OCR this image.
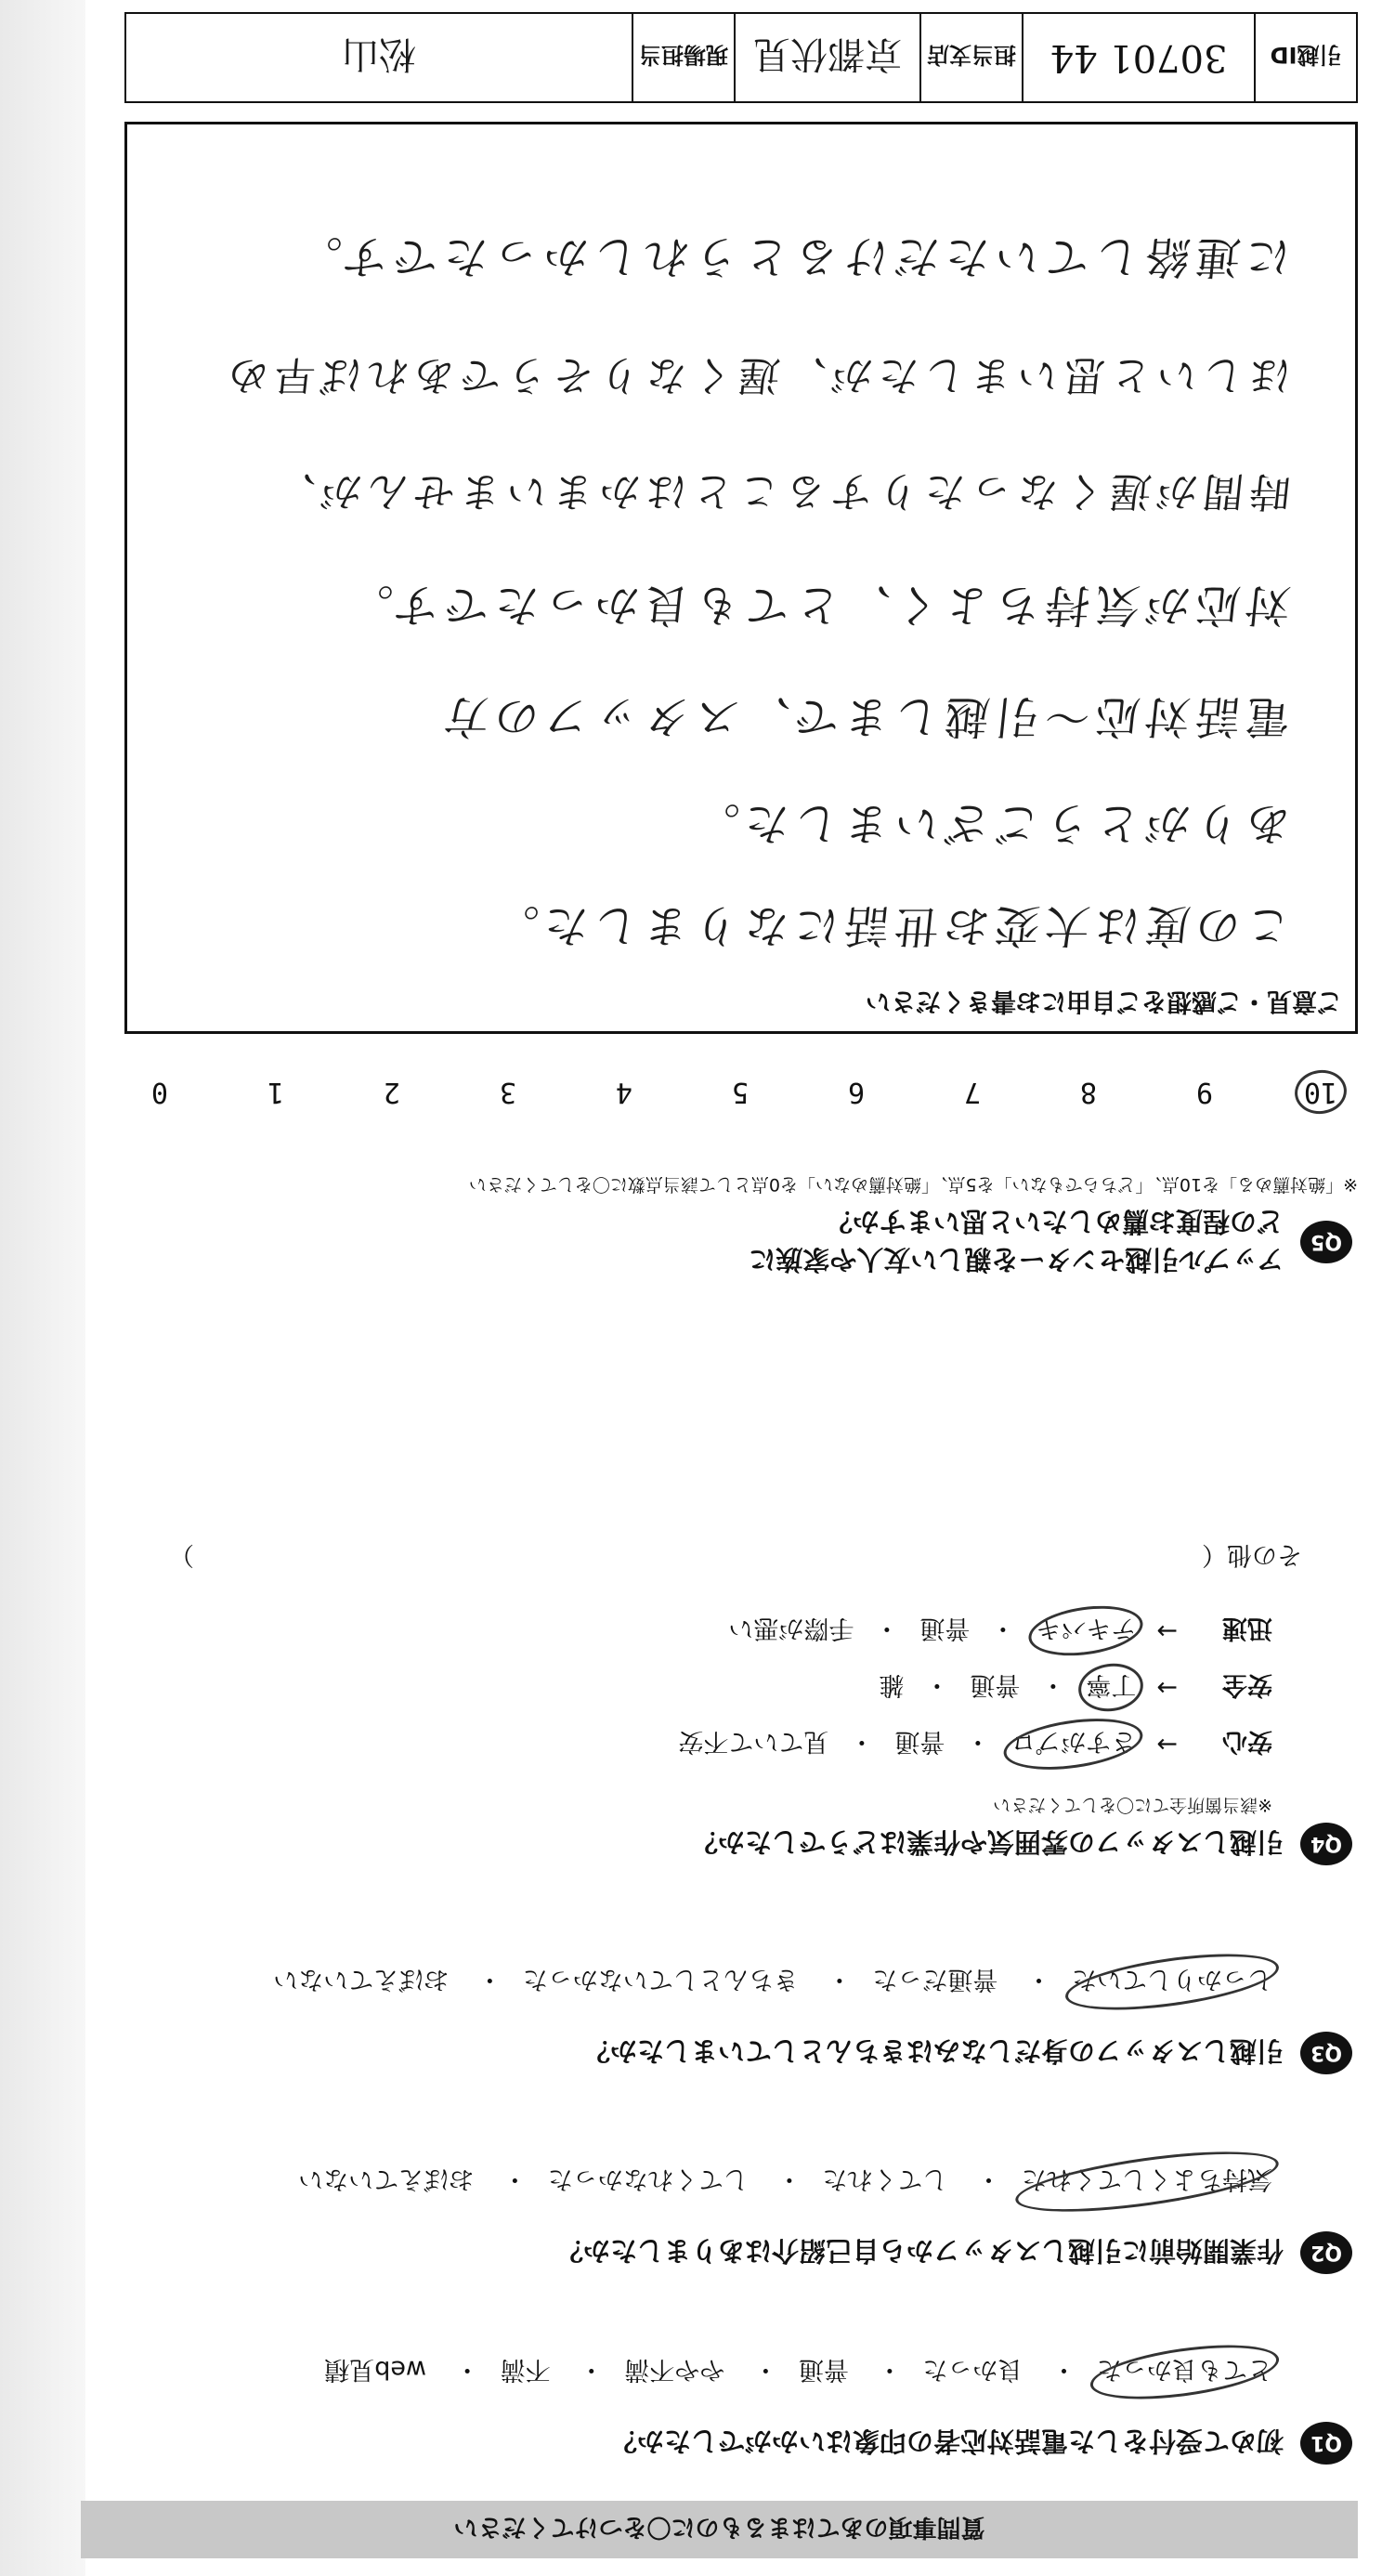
引越ID
30701 44
担当支店
京都伏見
現場担当
松山
質問事項のあてはまるものに〇をつけてください
Q1
初めて受付をした電話対応者の印象はいかがでしたか？
とても良かった・ 良かった・ 普通・ やや不満・ 不満・ web見積
Q2
作業開始前に引越しスタッフから自己紹介はありましたか？
気持ちよくしてくれた・ してくれた・ してくれなかった・ おぼえていない
Q3
引越しスタッフの身だしなみはきちんとしていましたか？
しっかりしていた・ 普通だった・ きちんとしていなかった・ おぼえていない
Q4
引越しスタッフの雰囲気や作業はどうでしたか？
※該当箇所全てに〇をしてください
安心
→
さすがプロ
・
普通
・
見ていて不安
安全
→
丁寧
・
普通
・
雑
迅速
→
テキパキ
・
普通
・
手際が悪い
その他（
）
Q5
アップル引越センターを親しい友人や家族に
どの程度お薦めしたいと思いますか？
※「絶対薦める」を10点、「どちらでもない」を5点、「絶対薦めない」を0点として該当点数に〇をしてください
10
9
8
7
6
5
4
3
2
1
0
ご意見・ご感想をご自由にお書きください
この度は大変お世話になりました。
ありがとうございました。
電話対応～引越しまで、スタッフの方
対応が気持ちよく、とても良かったです。
時間が遅くなったりすることはかまいませんが、
ほしいと思いましたが、遅くなりそうであれば早め
に連絡していただけるとうれしかったです。
